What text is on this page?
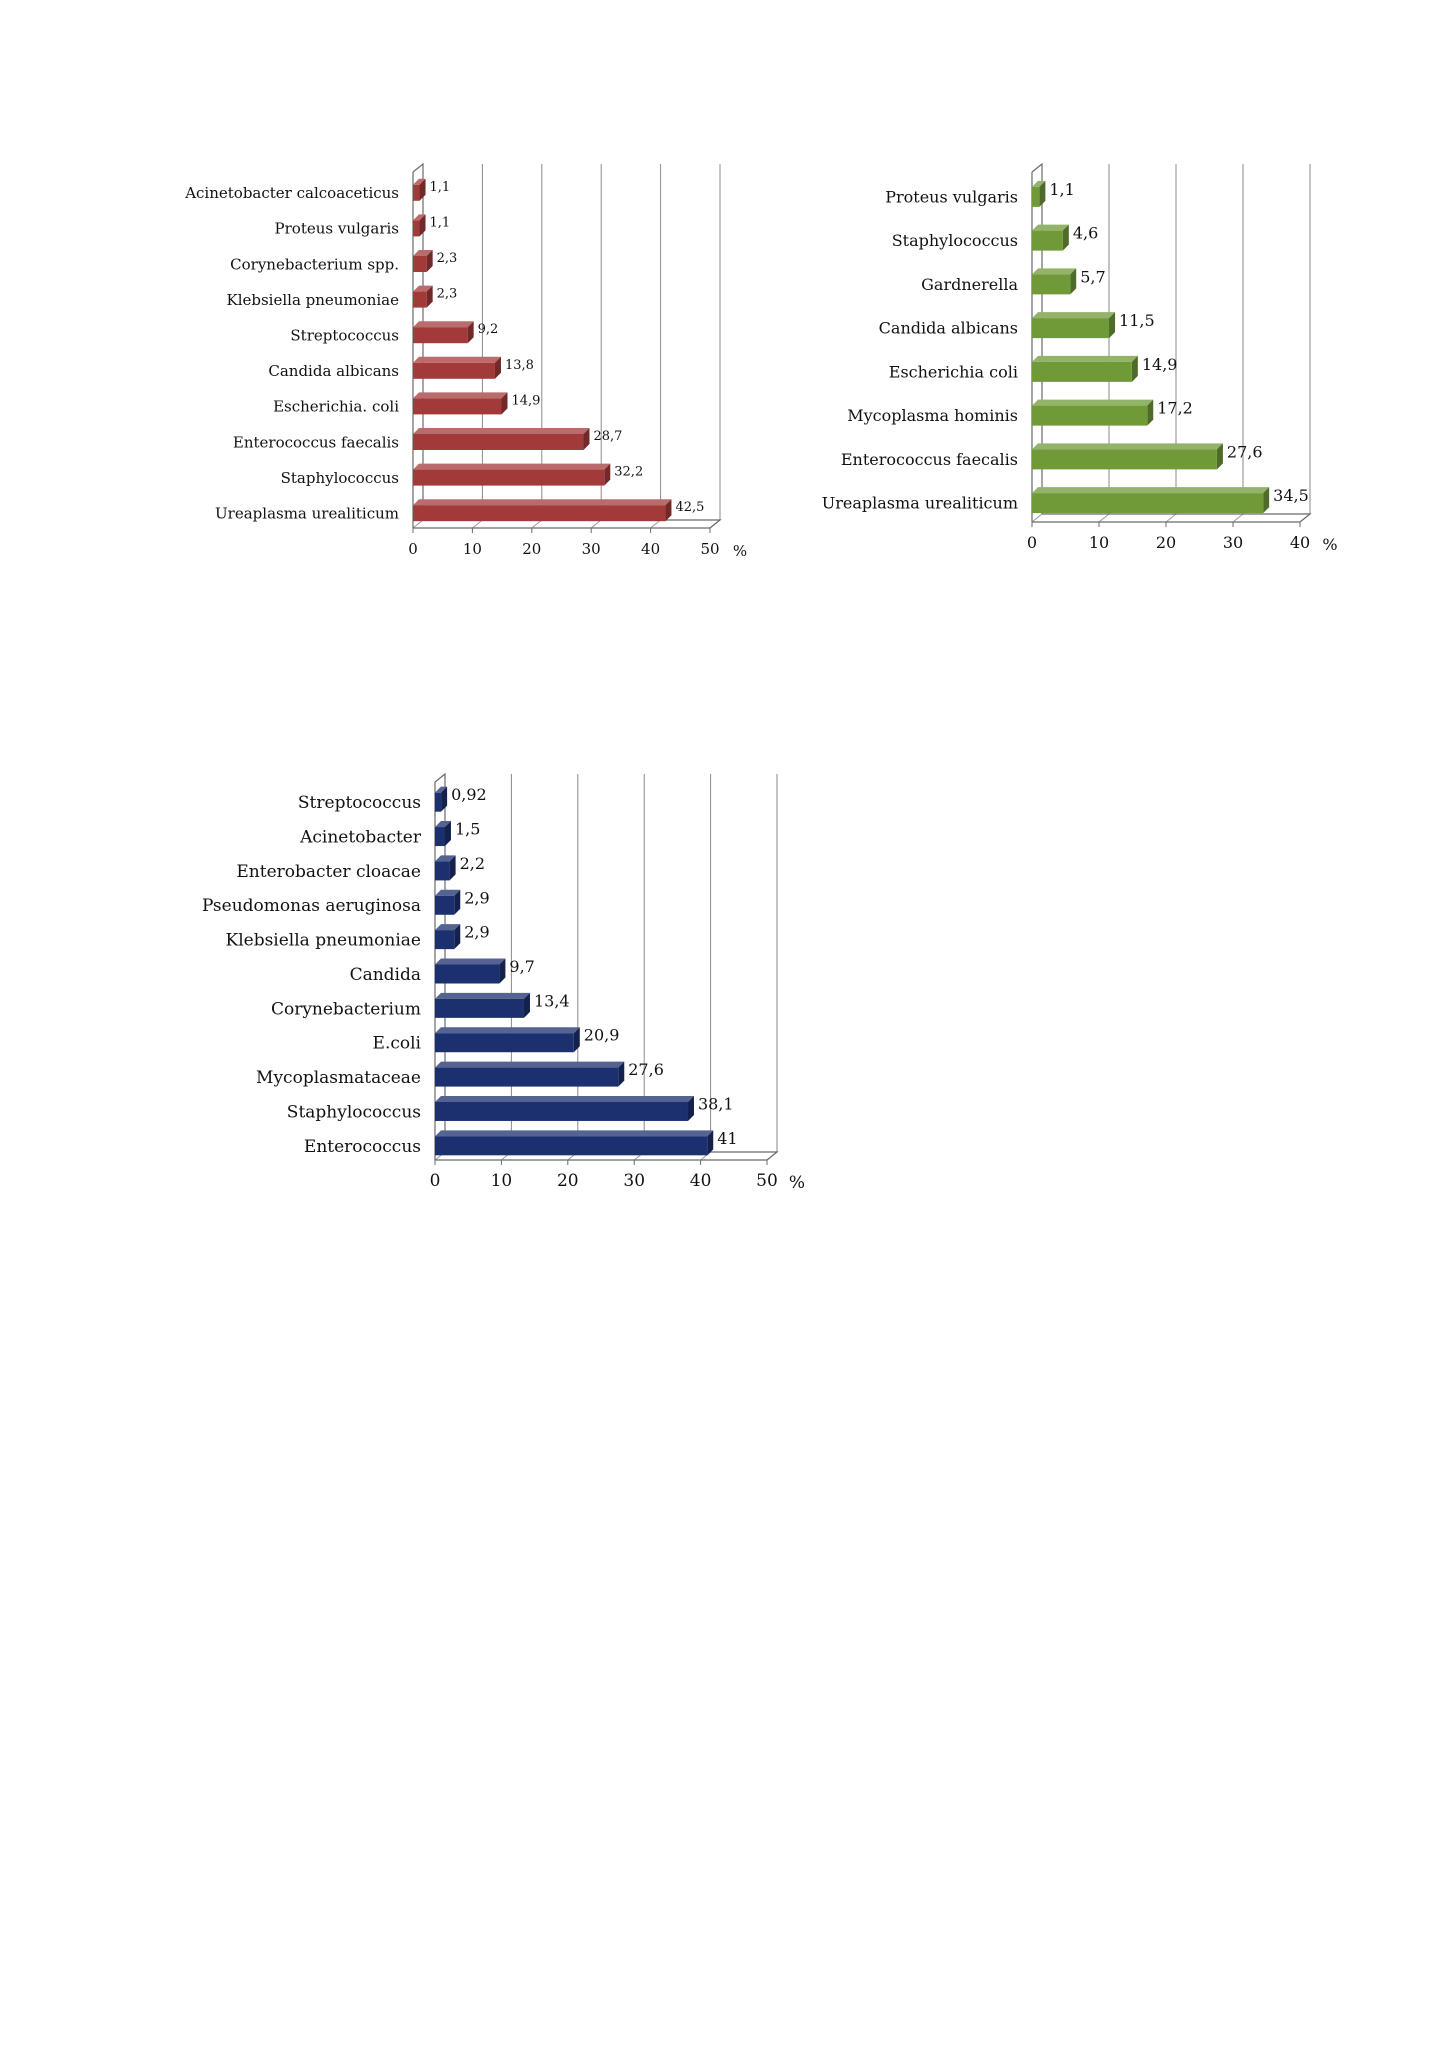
0	10	20	30	40	50 %
Acinetobacter calcoaceticus 1,1
Proteus vulgaris 1,1
Corynebacterium spp.	2,3
Klebsiella pneumoniae	2,3
Streptococcus	9,2
Candida albicans	13,8
Escherichia. coli	14,9
Enterococcus faecalis	28,7
Staphylococcus	32,2
Ureaplasma urealiticum	42,5
0	10	20	30	40 %
Proteus vulgaris 1,1
Staphylococcus	4,6
Gardnerella	5,7
Candida albicans	11,5
Escherichia coli	14,9
Mycoplasma hominis	17,2
Enterococcus faecalis	27,6
Ureaplasma urealiticum	34,5
0	10	20	30	40	50 %
Streptococcus 0,92
Acinetobacter 1,5
Enterobacter cloacae 2,2
Pseudomonas aeruginosa	2,9
Klebsiella pneumoniae	2,9
Candida	9,7
Corynebacterium	13,4
E.coli	20,9
Mycoplasmataceae	27,6
Staphylococcus	38,1
Enterococcus	41
